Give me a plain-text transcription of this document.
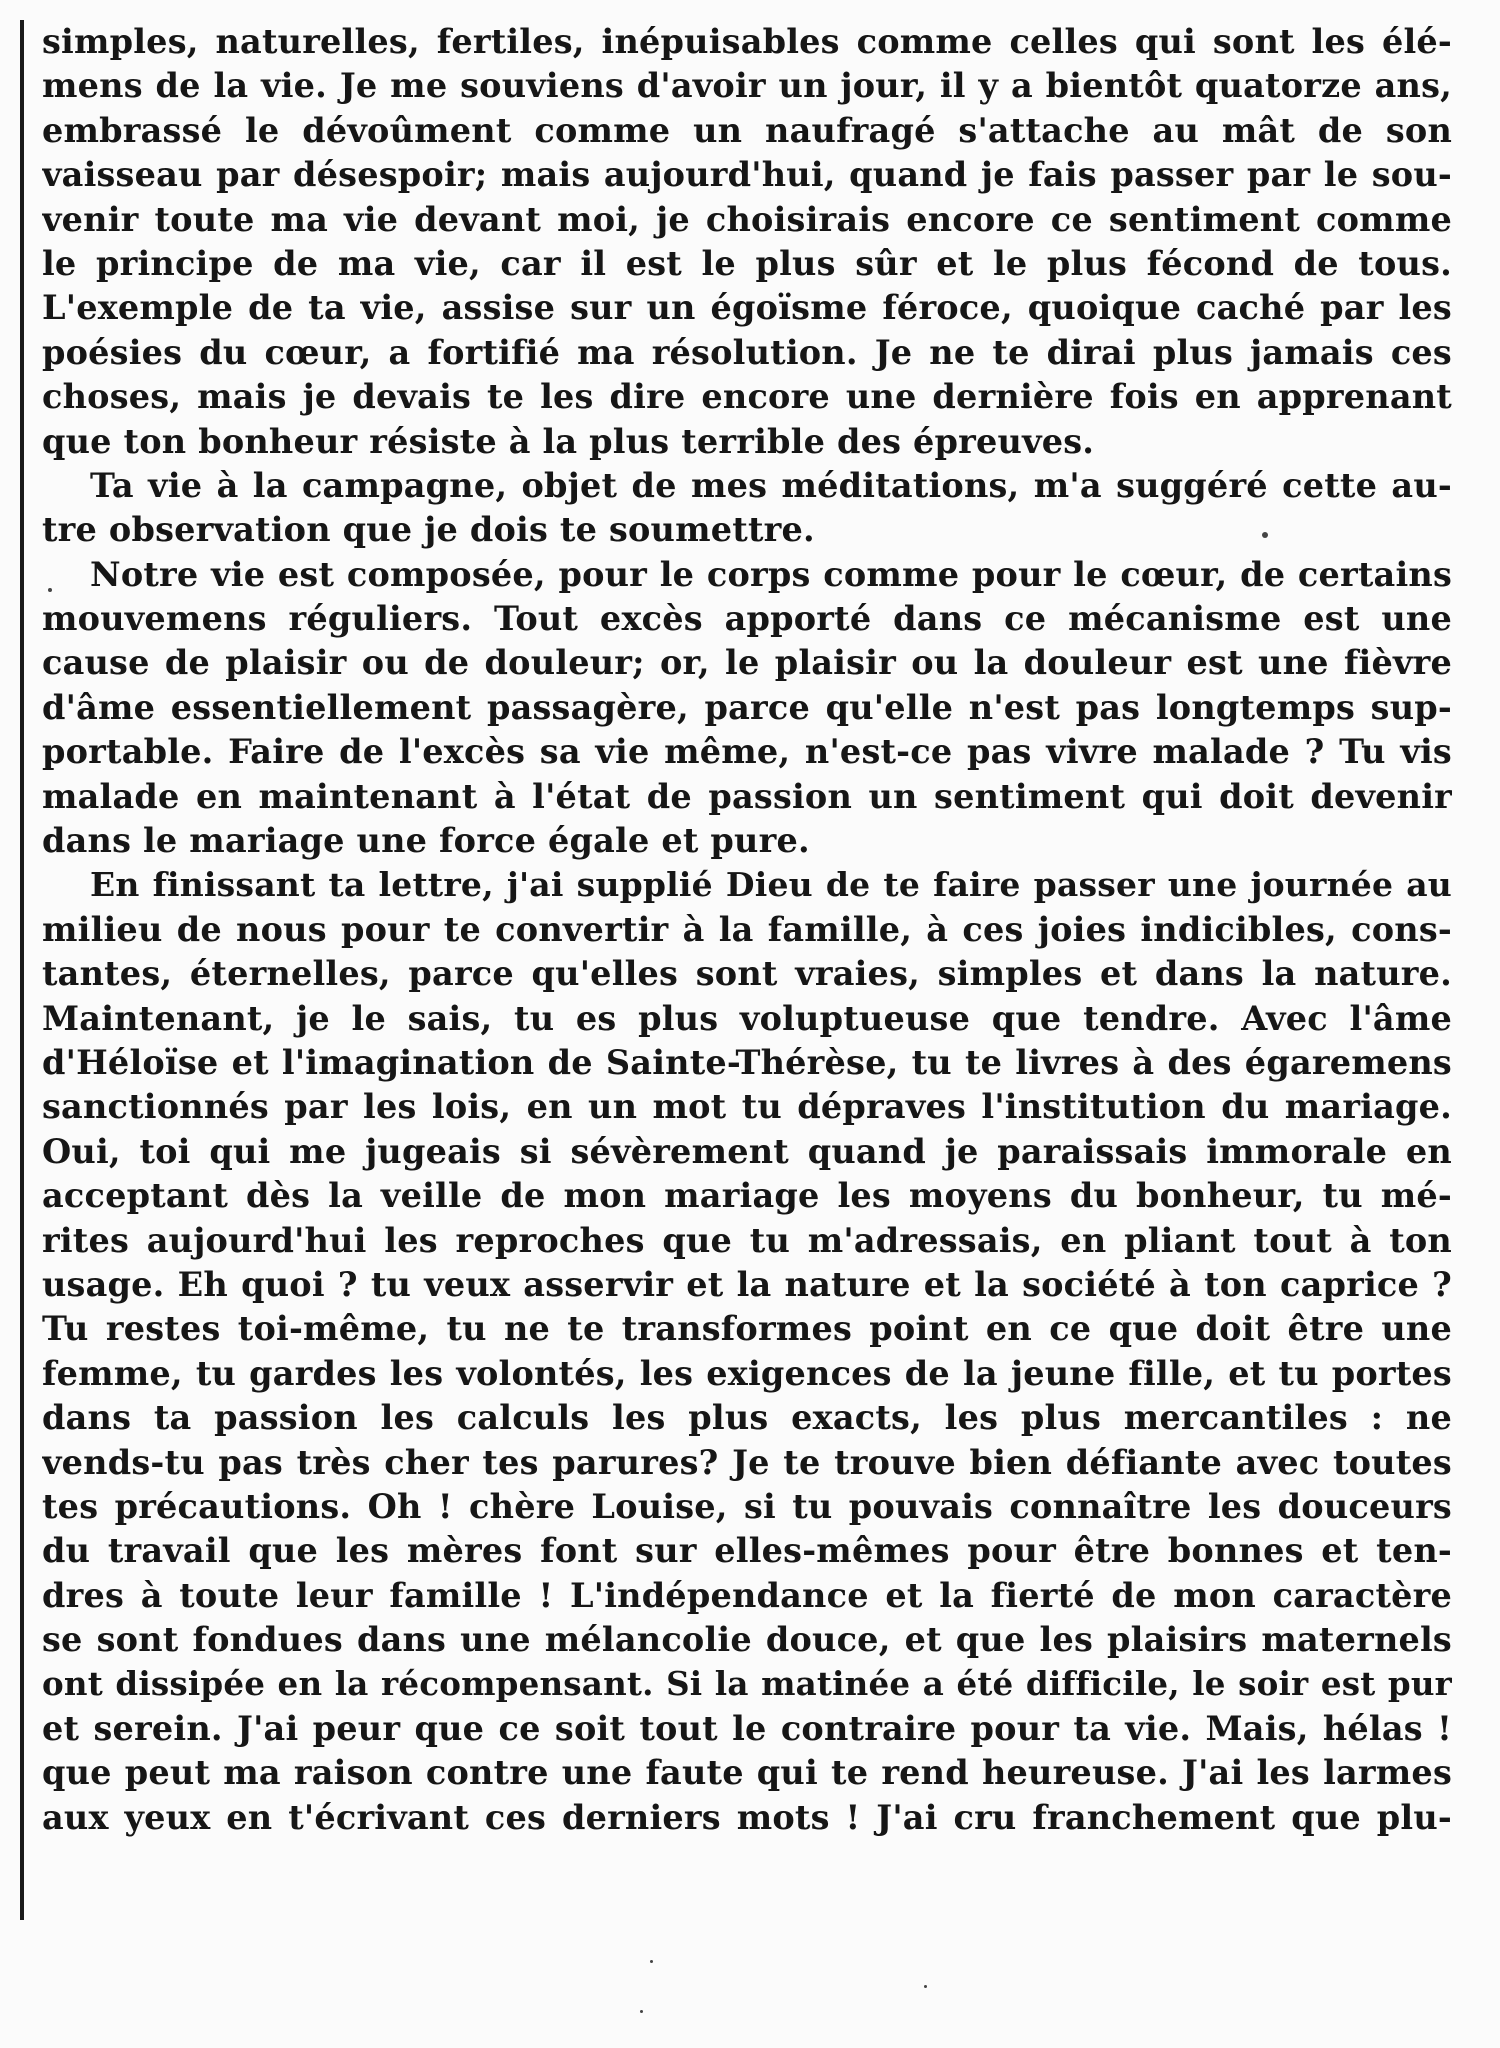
simples, naturelles, fertiles, inépuisables comme celles qui sont les élé-
mens de la vie. Je me souviens d'avoir un jour, il y a bientôt quatorze ans,
embrassé le dévoûment comme un naufragé s'attache au mât de son
vaisseau par désespoir; mais aujourd'hui, quand je fais passer par le sou-
venir toute ma vie devant moi, je choisirais encore ce sentiment comme
le principe de ma vie, car il est le plus sûr et le plus fécond de tous.
L'exemple de ta vie, assise sur un égoïsme féroce, quoique caché par les
poésies du cœur, a fortifié ma résolution. Je ne te dirai plus jamais ces
choses, mais je devais te les dire encore une dernière fois en apprenant
que ton bonheur résiste à la plus terrible des épreuves.
Ta vie à la campagne, objet de mes méditations, m'a suggéré cette au-
tre observation que je dois te soumettre.
Notre vie est composée, pour le corps comme pour le cœur, de certains
mouvemens réguliers. Tout excès apporté dans ce mécanisme est une
cause de plaisir ou de douleur; or, le plaisir ou la douleur est une fièvre
d'âme essentiellement passagère, parce qu'elle n'est pas longtemps sup-
portable. Faire de l'excès sa vie même, n'est-ce pas vivre malade ? Tu vis
malade en maintenant à l'état de passion un sentiment qui doit devenir
dans le mariage une force égale et pure.
En finissant ta lettre, j'ai supplié Dieu de te faire passer une journée au
milieu de nous pour te convertir à la famille, à ces joies indicibles, cons-
tantes, éternelles, parce qu'elles sont vraies, simples et dans la nature.
Maintenant, je le sais, tu es plus voluptueuse que tendre. Avec l'âme
d'Héloïse et l'imagination de Sainte-Thérèse, tu te livres à des égaremens
sanctionnés par les lois, en un mot tu dépraves l'institution du mariage.
Oui, toi qui me jugeais si sévèrement quand je paraissais immorale en
acceptant dès la veille de mon mariage les moyens du bonheur, tu mé-
rites aujourd'hui les reproches que tu m'adressais, en pliant tout à ton
usage. Eh quoi ? tu veux asservir et la nature et la société à ton caprice ?
Tu restes toi-même, tu ne te transformes point en ce que doit être une
femme, tu gardes les volontés, les exigences de la jeune fille, et tu portes
dans ta passion les calculs les plus exacts, les plus mercantiles : ne
vends-tu pas très cher tes parures? Je te trouve bien défiante avec toutes
tes précautions. Oh ! chère Louise, si tu pouvais connaître les douceurs
du travail que les mères font sur elles-mêmes pour être bonnes et ten-
dres à toute leur famille ! L'indépendance et la fierté de mon caractère
se sont fondues dans une mélancolie douce, et que les plaisirs maternels
ont dissipée en la récompensant. Si la matinée a été difficile, le soir est pur
et serein. J'ai peur que ce soit tout le contraire pour ta vie. Mais, hélas !
que peut ma raison contre une faute qui te rend heureuse. J'ai les larmes
aux yeux en t'écrivant ces derniers mots ! J'ai cru franchement que plu-
